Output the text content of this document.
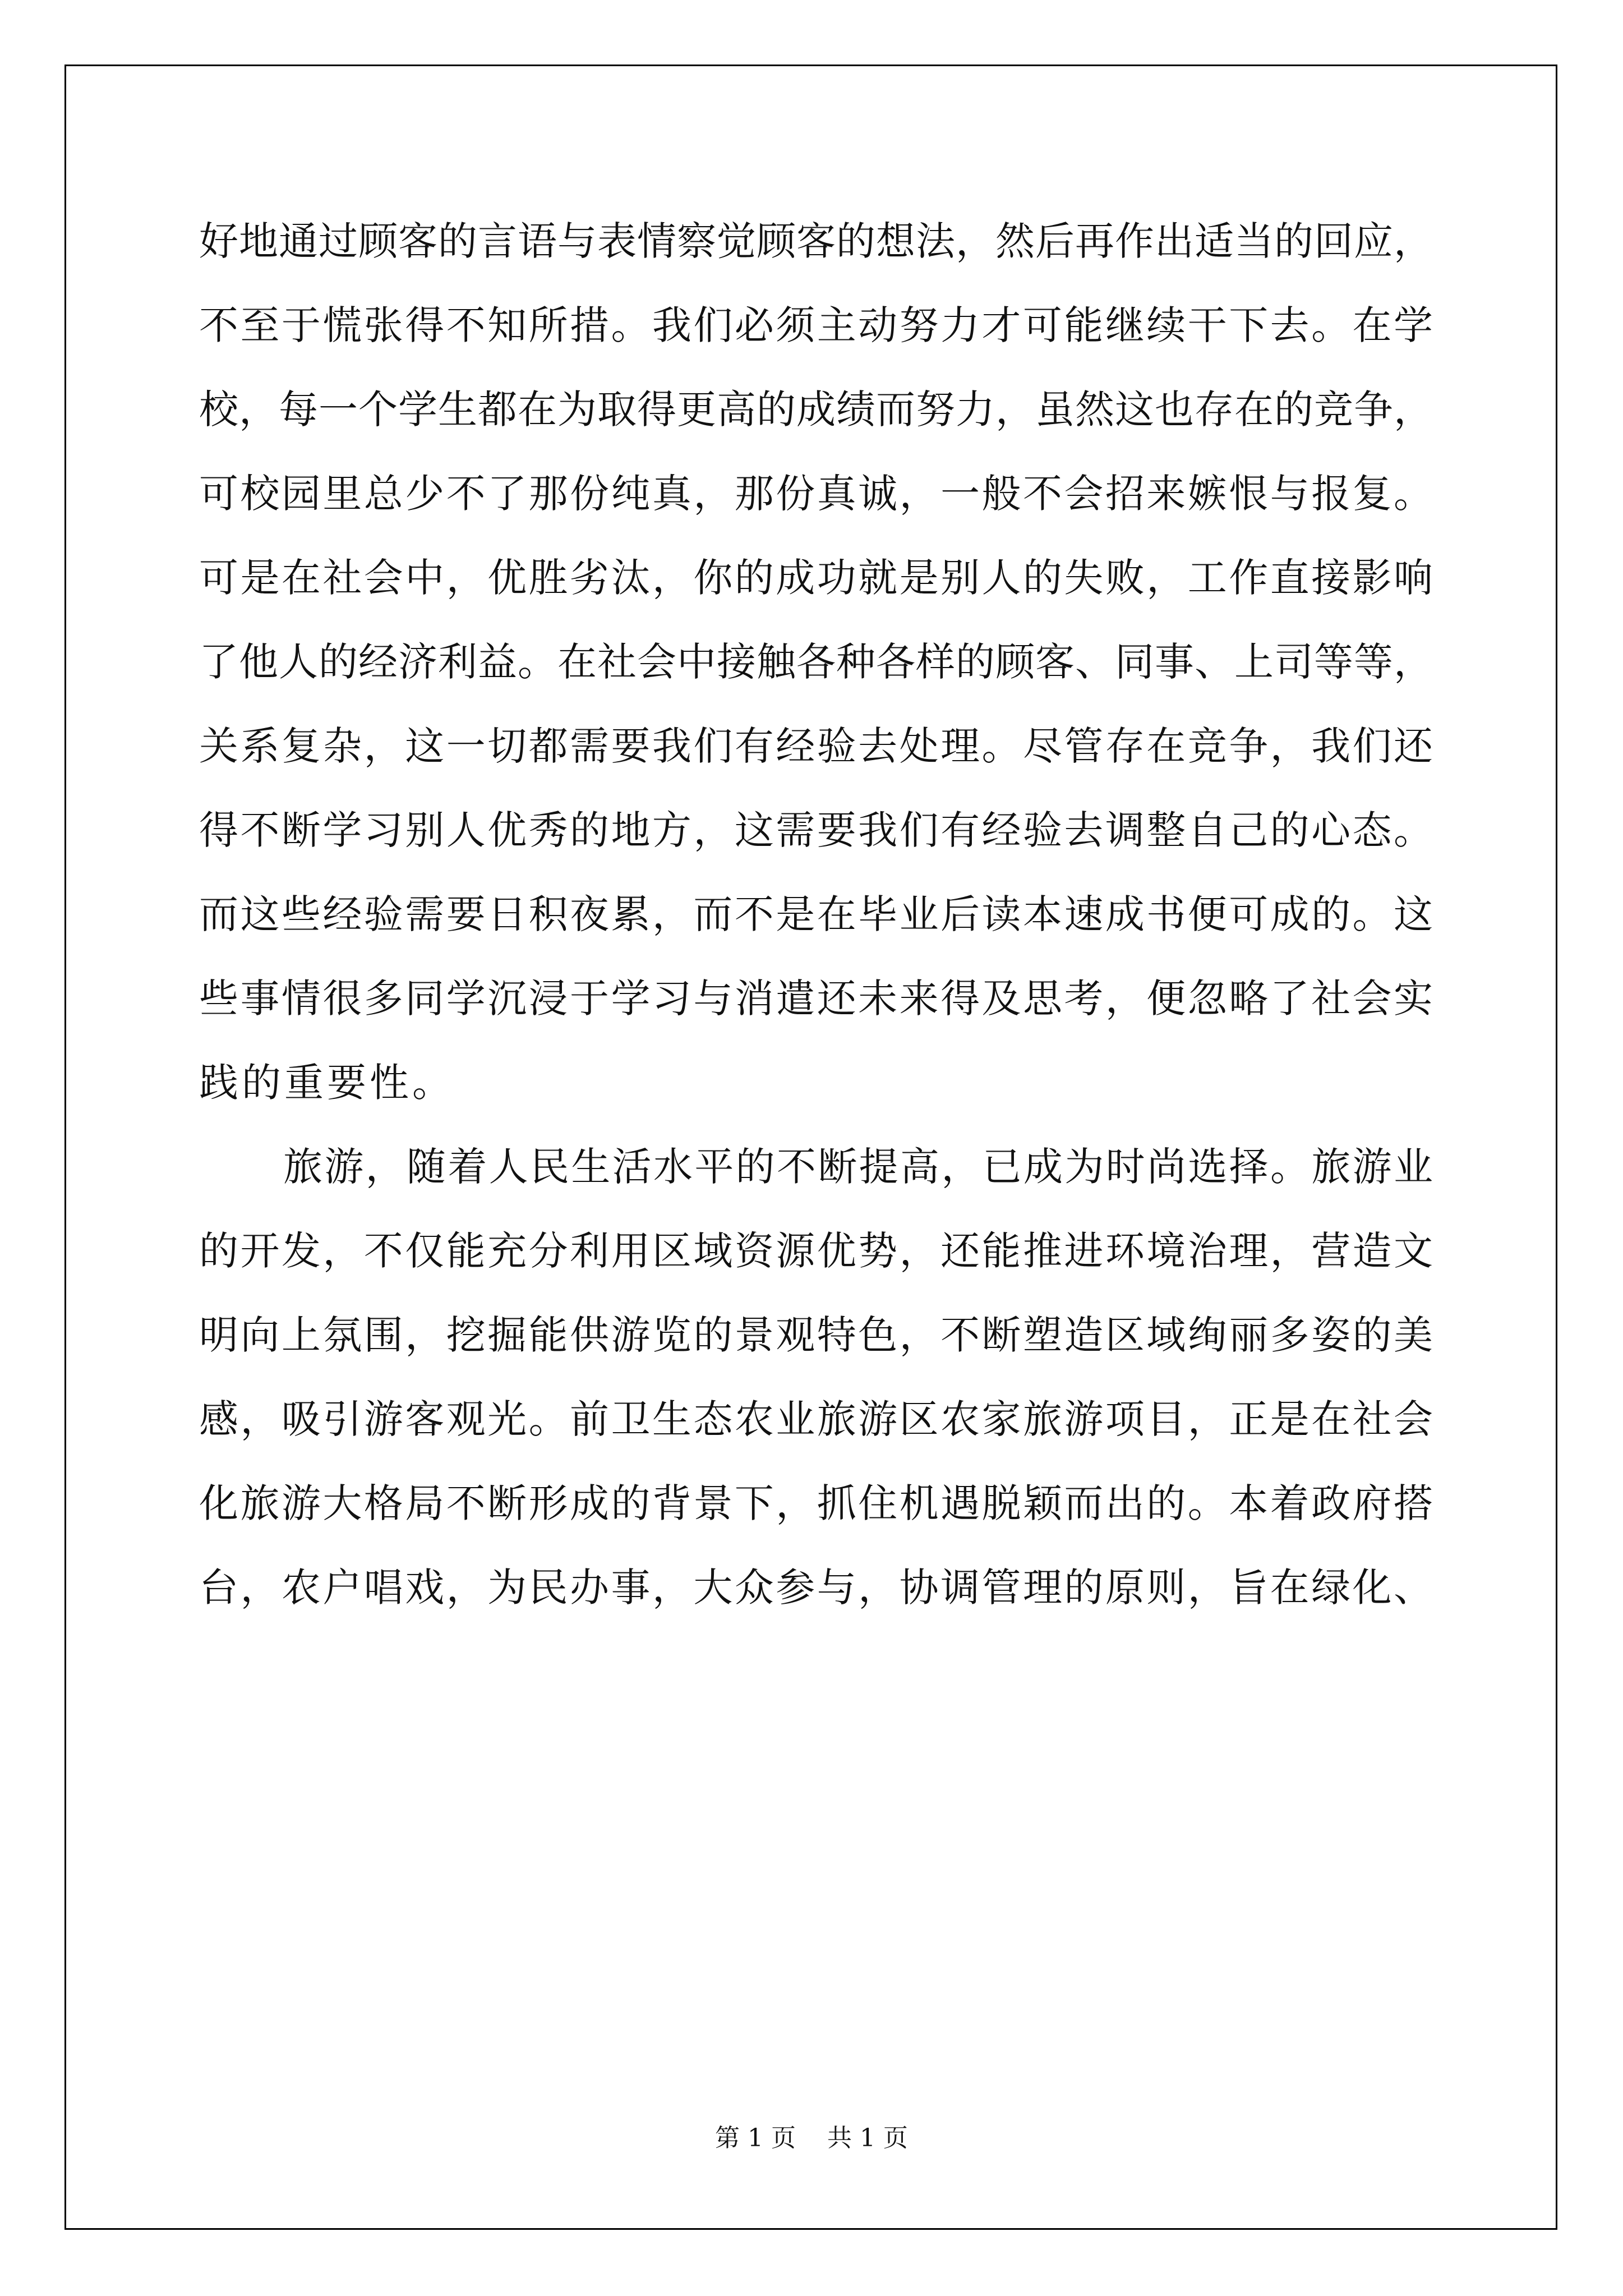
好地通过顾客的言语与表情察觉顾客的想法，然后再作出适当的回应，
不至于慌张得不知所措。我们必须主动努力才可能继续干下去。在学
校，每一个学生都在为取得更高的成绩而努力，虽然这也存在的竞争，
可校园里总少不了那份纯真，那份真诚，一般不会招来嫉恨与报复。
可是在社会中，优胜劣汰，你的成功就是别人的失败，工作直接影响
了他人的经济利益。在社会中接触各种各样的顾客、同事、上司等等，
关系复杂，这一切都需要我们有经验去处理。尽管存在竞争，我们还
得不断学习别人优秀的地方，这需要我们有经验去调整自己的心态。
而这些经验需要日积夜累，而不是在毕业后读本速成书便可成的。这
些事情很多同学沉浸于学习与消遣还未来得及思考，便忽略了社会实
践的重要性。
旅游，随着人民生活水平的不断提高，已成为时尚选择。旅游业
的开发，不仅能充分利用区域资源优势，还能推进环境治理，营造文
明向上氛围，挖掘能供游览的景观特色，不断塑造区域绚丽多姿的美
感，吸引游客观光。前卫生态农业旅游区农家旅游项目，正是在社会
化旅游大格局不断形成的背景下，抓住机遇脱颖而出的。本着政府搭
台，农户唱戏，为民办事，大众参与，协调管理的原则，旨在绿化、
第 1 页    共 1 页
